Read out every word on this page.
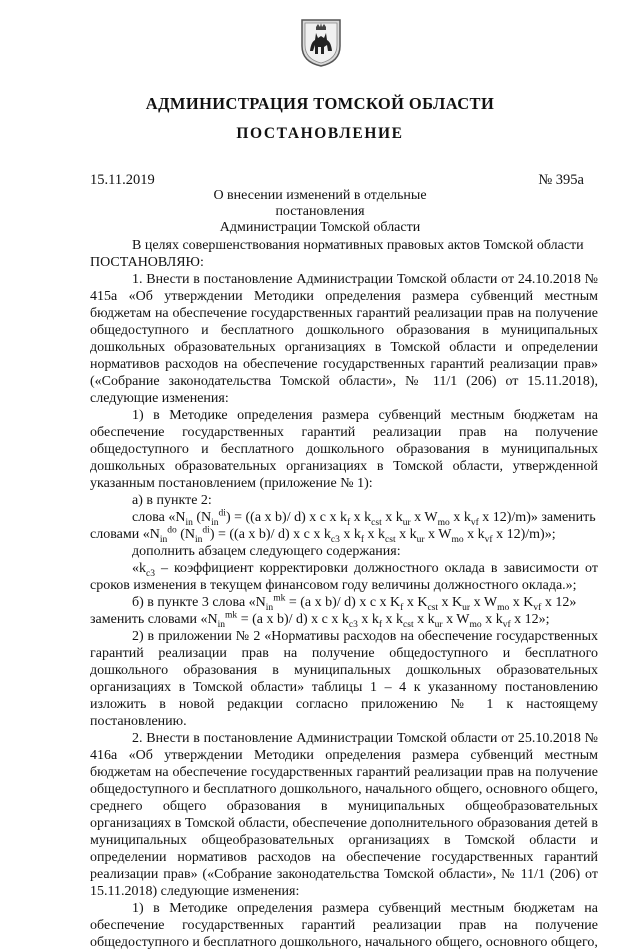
АДМИНИСТРАЦИЯ ТОМСКОЙ ОБЛАСТИ
ПОСТАНОВЛЕНИЕ
15.11.2019	№ 395а
О внесении изменений в отдельные постановления
Администрации Томской области

В целях совершенствования нормативных правовых актов Томской области

ПОСТАНОВЛЯЮ:

1. Внести в постановление Администрации Томской области от 24.10.2018 № 415а «Об утверждении Методики определения размера субвенций местным бюджетам на обеспечение государственных гарантий реализации прав на получение общедоступного и бесплатного дошкольного образования в муниципальных дошкольных образовательных организациях в Томской области и определении нормативов расходов на обеспечение государственных гарантий реализации прав» («Собрание законодательства Томской области», № 11/1 (206) от 15.11.2018), следующие изменения:

1) в Методике определения размера субвенций местным бюджетам на обеспечение государственных гарантий реализации прав на получение общедоступного и бесплатного дошкольного образования в муниципальных дошкольных образовательных организациях в Томской области, утвержденной указанным постановлением (приложение № 1):

а) в пункте 2:

слова «$N_{in}$ $(N_{in}^{di}) = ((a$ x b)/ d) x c x $k_f$ x $k_{cst}$ x $k_{ur}$ x $W_{mo}$ x $k_{vf}$ x 12)/m)» заменить

словами «$N_{in}^{do}$ $(N_{in}^{di}) = ((a$ x b)/ d) x c x $k_{c3}$ x $k_f$ x $k_{cst}$ x $k_{ur}$ x $W_{mo}$ x $k_{vf}$ x 12)/m)»;

дополнить абзацем следующего содержания:

«$k_{c3}$ – коэффициент корректировки должностного оклада в зависимости от сроков изменения в текущем финансовом году величины должностного оклада.»;

б) в пункте 3 слова «$N_{in}^{mk} = (a$ x b)/ d) x c x $K_f$ x $K_{cst}$ x $K_{ur}$ x $W_{mo}$ x $K_{vf}$ x 12»

заменить словами «$N_{in}^{mk} = (a$ x b)/ d) x c x $k_{c3}$ x $k_f$ x $k_{cst}$ x $k_{ur}$ x $W_{mo}$ x $k_{vf}$ x 12»;

2) в приложении № 2 «Нормативы расходов на обеспечение государственных гарантий реализации прав на получение общедоступного и бесплатного дошкольного образования в муниципальных дошкольных образовательных организациях в Томской области» таблицы 1 – 4 к указанному постановлению изложить в новой редакции согласно приложению № 1 к настоящему постановлению.

2. Внести в постановление Администрации Томской области от 25.10.2018 № 416а «Об утверждении Методики определения размера субвенций местным бюджетам на обеспечение государственных гарантий реализации прав на получение общедоступного и бесплатного дошкольного, начального общего, основного общего, среднего общего образования в муниципальных общеобразовательных организациях в Томской области, обеспечение дополнительного образования детей в муниципальных общеобразовательных организациях в Томской области и определении нормативов расходов на обеспечение государственных гарантий реализации прав» («Собрание законодательства Томской области», № 11/1 (206) от 15.11.2018) следующие изменения:

1) в Методике определения размера субвенций местным бюджетам на обеспечение государственных гарантий реализации прав на получение общедоступного и бесплатного дошкольного, начального общего, основного общего,
